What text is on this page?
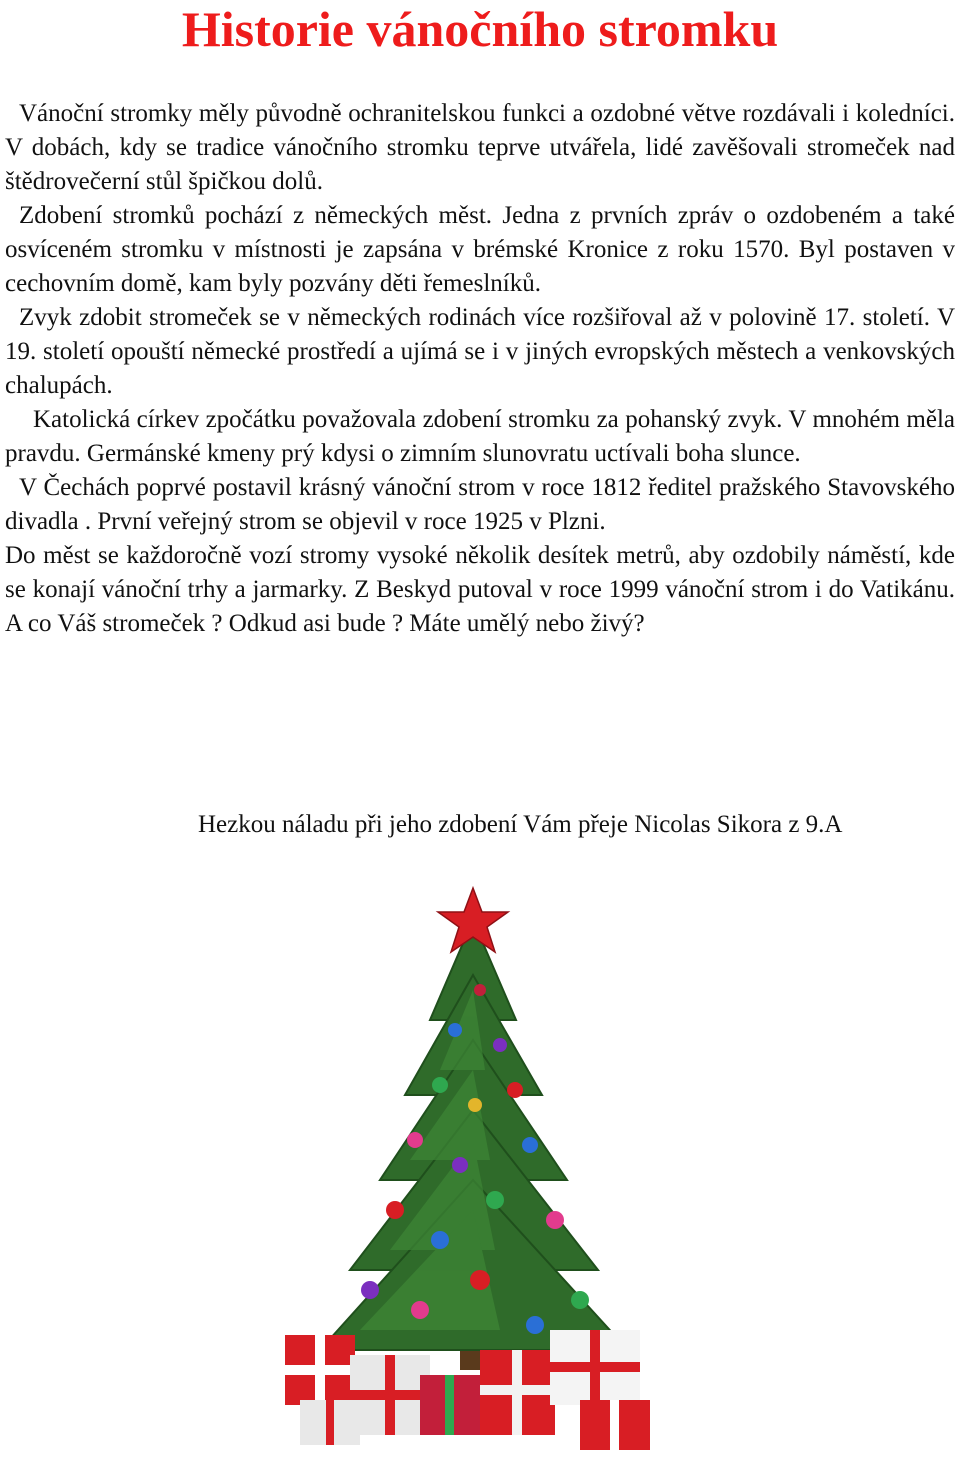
Historie vánočního stromku

Vánoční stromky měly původně ochranitelskou funkci a ozdobné větve rozdávali i koledníci. V dobách, kdy se tradice vánočního stromku teprve utvářela, lidé zavěšovali stromeček nad štědrovečerní stůl špičkou dolů.

Zdobení stromků pochází z německých měst. Jedna z prvních zpráv o ozdobeném a také osvíceném stromku v místnosti je zapsána v brémské Kronice z roku 1570. Byl postaven v cechovním domě, kam byly pozvány děti řemeslníků.

Zvyk zdobit stromeček se v německých rodinách více rozšiřoval až v polovině 17. století. V 19. století opouští německé prostředí a ujímá se i v jiných evropských městech a venkovských chalupách.

Katolická církev zpočátku považovala zdobení stromku za pohanský zvyk. V mnohém měla pravdu. Germánské kmeny prý kdysi o zimním slunovratu uctívali boha slunce.

V Čechách poprvé postavil krásný vánoční strom v roce 1812 ředitel pražského Stavovského divadla . První veřejný strom se objevil v roce 1925 v Plzni.

Do měst se každoročně vozí stromy vysoké několik desítek metrů, aby ozdobily náměstí, kde se konají vánoční trhy a jarmarky. Z Beskyd putoval v roce 1999 vánoční strom i do Vatikánu. A co Váš stromeček ? Odkud asi bude ? Máte umělý nebo živý?

Hezkou náladu při jeho zdobení Vám přeje Nicolas Sikora z 9.A
